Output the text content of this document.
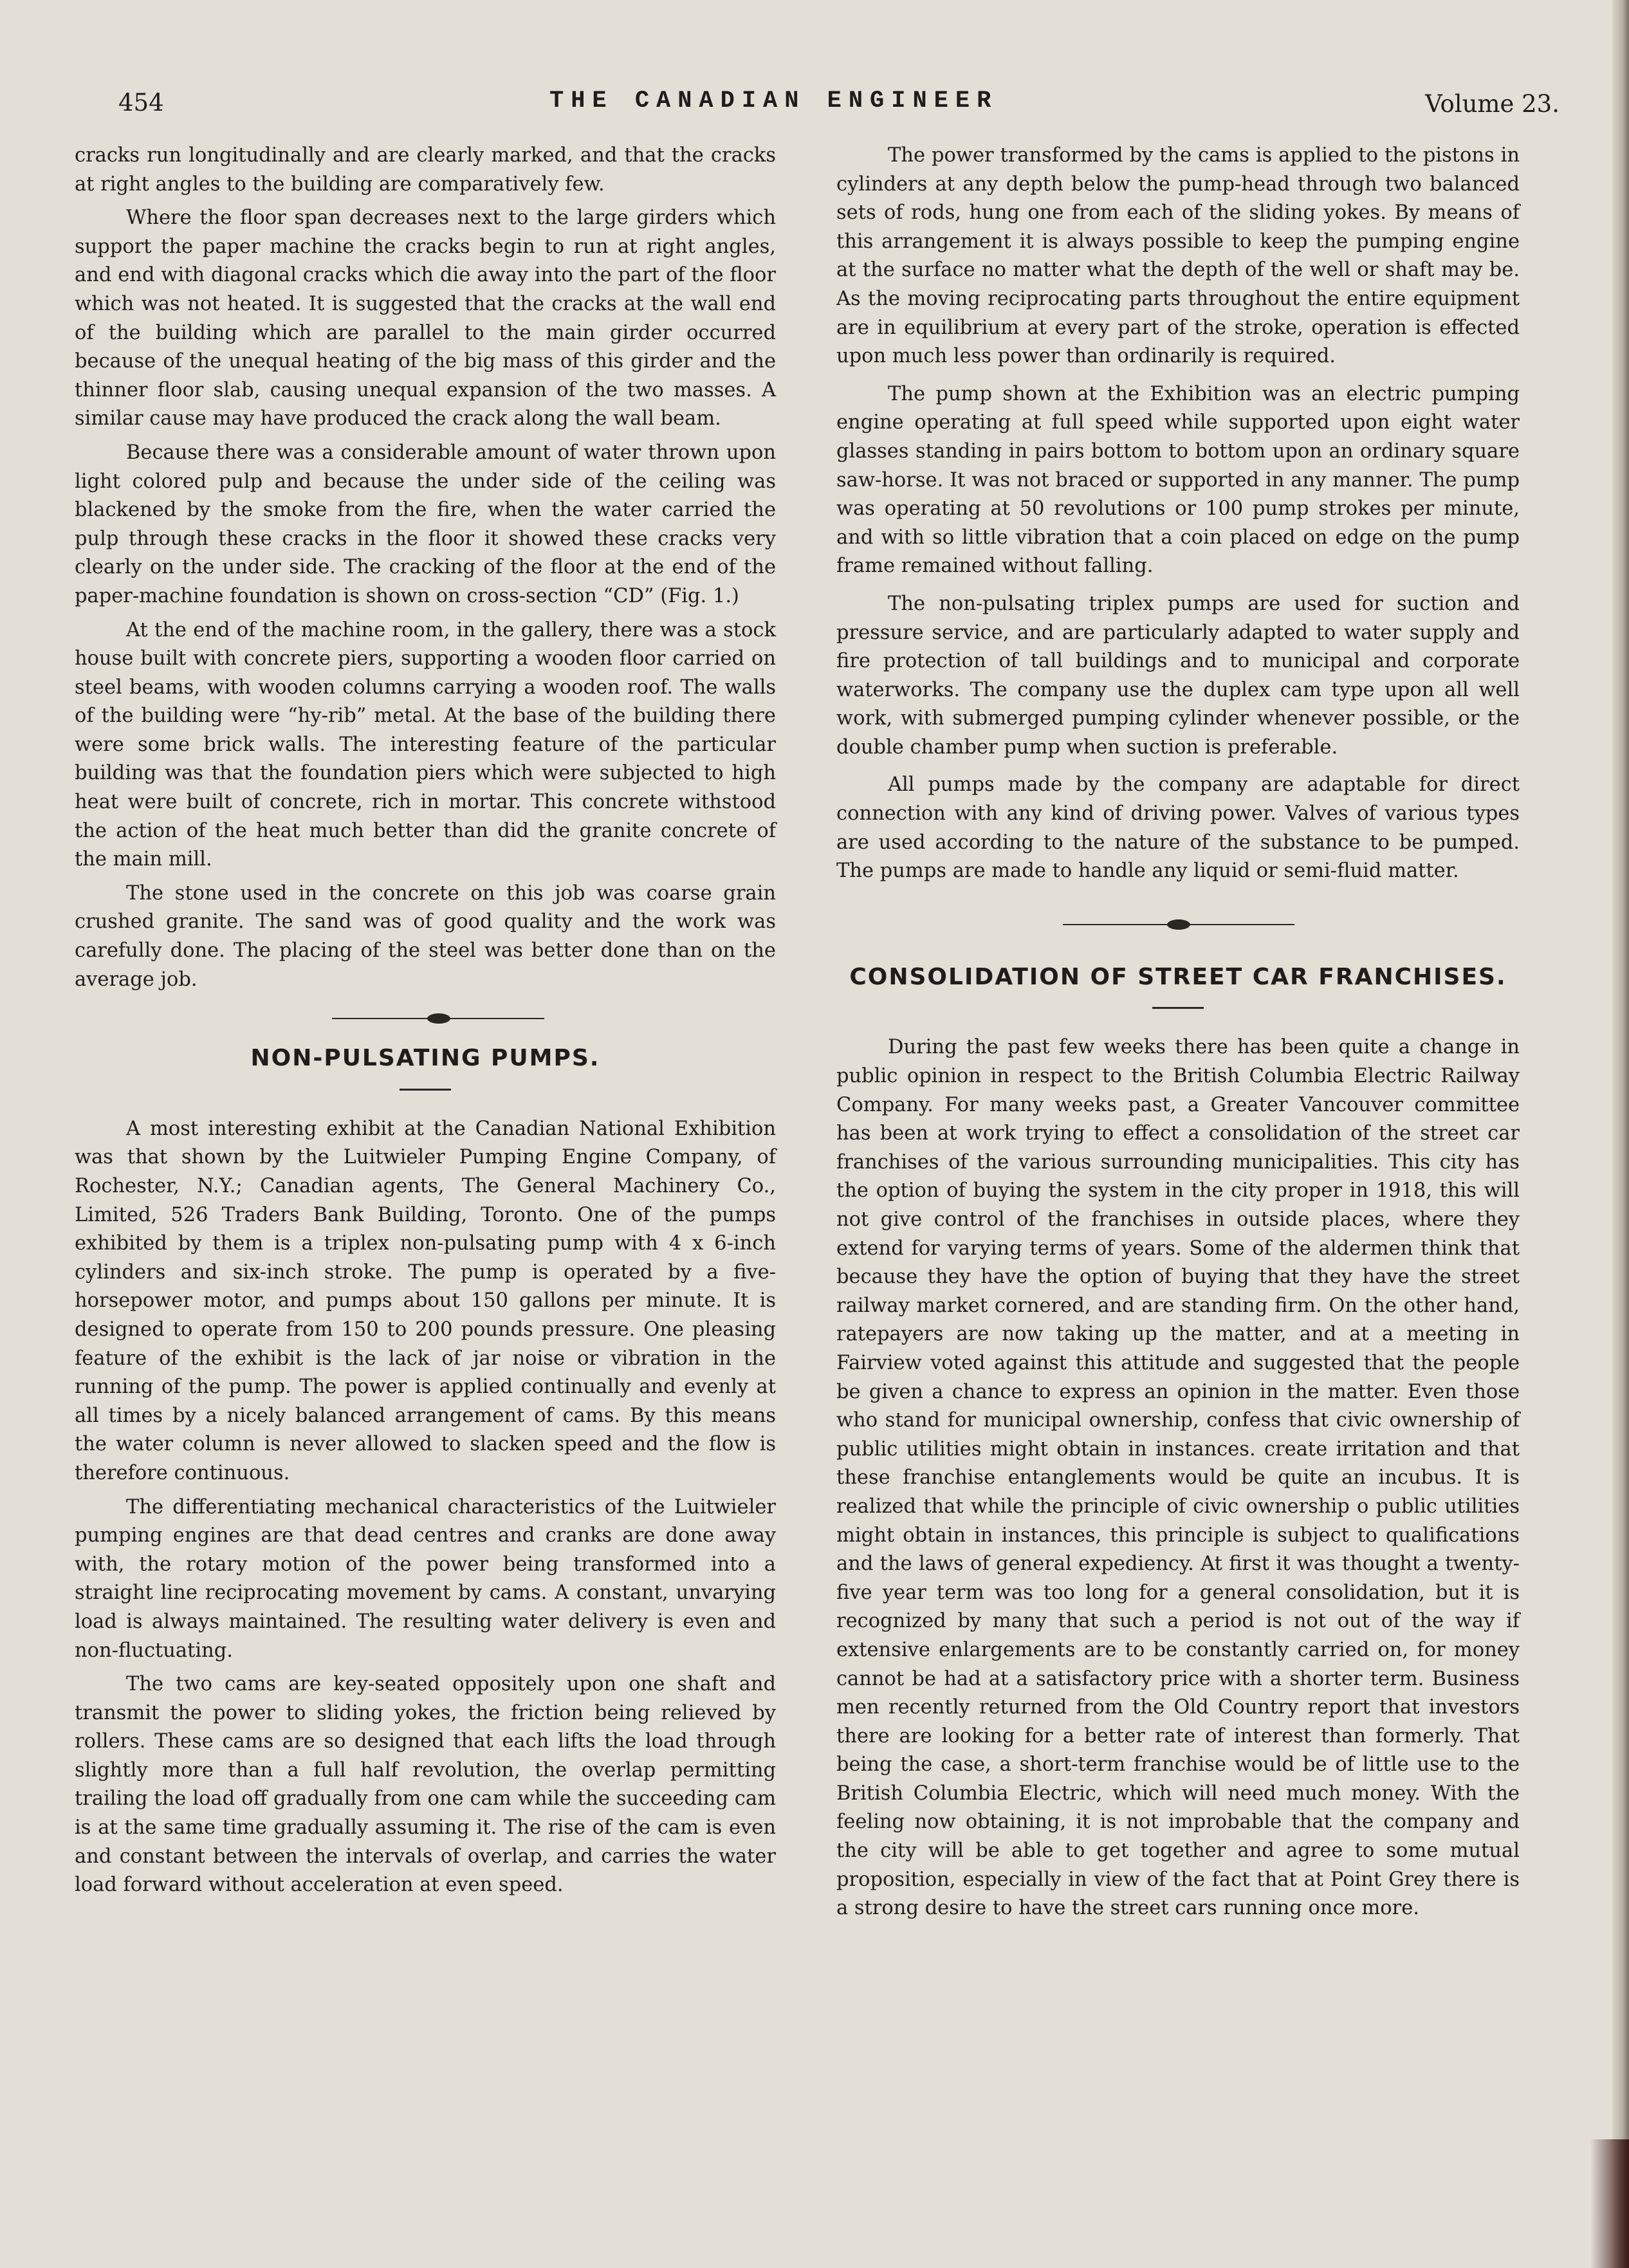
454	THE CANADIAN ENGINEER	Volume 23.

cracks run longitudinally and are clearly marked, and that the cracks at right angles to the building are comparatively few.

Where the floor span decreases next to the large girders which support the paper machine the cracks begin to run at right angles, and end with diagonal cracks which die away into the part of the floor which was not heated. It is suggested that the cracks at the wall end of the building which are parallel to the main girder occurred because of the unequal heating of the big mass of this girder and the thinner floor slab, causing unequal expansion of the two masses. A similar cause may have produced the crack along the wall beam.

Because there was a considerable amount of water thrown upon light colored pulp and because the under side of the ceiling was blackened by the smoke from the fire, when the water carried the pulp through these cracks in the floor it showed these cracks very clearly on the under side. The cracking of the floor at the end of the paper-machine foundation is shown on cross-section “CD” (Fig. 1.)

At the end of the machine room, in the gallery, there was a stock house built with concrete piers, supporting a wooden floor carried on steel beams, with wooden columns carrying a wooden roof. The walls of the building were “hy-rib” metal. At the base of the building there were some brick walls. The interesting feature of the particular building was that the foundation piers which were subjected to high heat were built of concrete, rich in mortar. This concrete withstood the action of the heat much better than did the granite concrete of the main mill.

The stone used in the concrete on this job was coarse grain crushed granite. The sand was of good quality and the work was carefully done. The placing of the steel was better done than on the average job.

NON-PULSATING PUMPS.

A most interesting exhibit at the Canadian National Exhibition was that shown by the Luitwieler Pumping Engine Company, of Rochester, N.Y.; Canadian agents, The General Machinery Co., Limited, 526 Traders Bank Building, Toronto. One of the pumps exhibited by them is a triplex non-pulsating pump with 4 x 6-inch cylinders and six-inch stroke. The pump is operated by a five-horsepower motor, and pumps about 150 gallons per minute. It is designed to operate from 150 to 200 pounds pressure. One pleasing feature of the exhibit is the lack of jar noise or vibration in the running of the pump. The power is applied continually and evenly at all times by a nicely balanced arrangement of cams. By this means the water column is never allowed to slacken speed and the flow is therefore continuous.

The differentiating mechanical characteristics of the Luitwieler pumping engines are that dead centres and cranks are done away with, the rotary motion of the power being transformed into a straight line reciprocating movement by cams. A constant, unvarying load is always maintained. The resulting water delivery is even and non-fluctuating.

The two cams are key-seated oppositely upon one shaft and transmit the power to sliding yokes, the friction being relieved by rollers. These cams are so designed that each lifts the load through slightly more than a full half revolution, the overlap permitting trailing the load off gradually from one cam while the succeeding cam is at the same time gradually assuming it. The rise of the cam is even and constant between the intervals of overlap, and carries the water load forward without acceleration at even speed.

The power transformed by the cams is applied to the pistons in cylinders at any depth below the pump-head through two balanced sets of rods, hung one from each of the sliding yokes. By means of this arrangement it is always possible to keep the pumping engine at the surface no matter what the depth of the well or shaft may be. As the moving reciprocating parts throughout the entire equipment are in equilibrium at every part of the stroke, operation is effected upon much less power than ordinarily is required.

The pump shown at the Exhibition was an electric pumping engine operating at full speed while supported upon eight water glasses standing in pairs bottom to bottom upon an ordinary square saw-horse. It was not braced or supported in any manner. The pump was operating at 50 revolutions or 100 pump strokes per minute, and with so little vibration that a coin placed on edge on the pump frame remained without falling.

The non-pulsating triplex pumps are used for suction and pressure service, and are particularly adapted to water supply and fire protection of tall buildings and to municipal and corporate waterworks. The company use the duplex cam type upon all well work, with submerged pumping cylinder whenever possible, or the double chamber pump when suction is preferable.

All pumps made by the company are adaptable for direct connection with any kind of driving power. Valves of various types are used according to the nature of the substance to be pumped. The pumps are made to handle any liquid or semi-fluid matter.

CONSOLIDATION OF STREET CAR FRANCHISES.

During the past few weeks there has been quite a change in public opinion in respect to the British Columbia Electric Railway Company. For many weeks past, a Greater Vancouver committee has been at work trying to effect a consolidation of the street car franchises of the various surrounding municipalities. This city has the option of buying the system in the city proper in 1918, this will not give control of the franchises in outside places, where they extend for varying terms of years. Some of the aldermen think that because they have the option of buying that they have the street railway market cornered, and are standing firm. On the other hand, ratepayers are now taking up the matter, and at a meeting in Fairview voted against this attitude and suggested that the people be given a chance to express an opinion in the matter. Even those who stand for municipal ownership, confess that civic ownership of public utilities might obtain in instances. create irritation and that these franchise entanglements would be quite an incubus. It is realized that while the principle of civic ownership o public utilities might obtain in instances, this principle is subject to qualifications and the laws of general expediency. At first it was thought a twenty-five year term was too long for a general consolidation, but it is recognized by many that such a period is not out of the way if extensive enlargements are to be constantly carried on, for money cannot be had at a satisfactory price with a shorter term. Business men recently returned from the Old Country report that investors there are looking for a better rate of interest than formerly. That being the case, a short-term franchise would be of little use to the British Columbia Electric, which will need much money. With the feeling now obtaining, it is not improbable that the company and the city will be able to get together and agree to some mutual proposition, especially in view of the fact that at Point Grey there is a strong desire to have the street cars running once more.
